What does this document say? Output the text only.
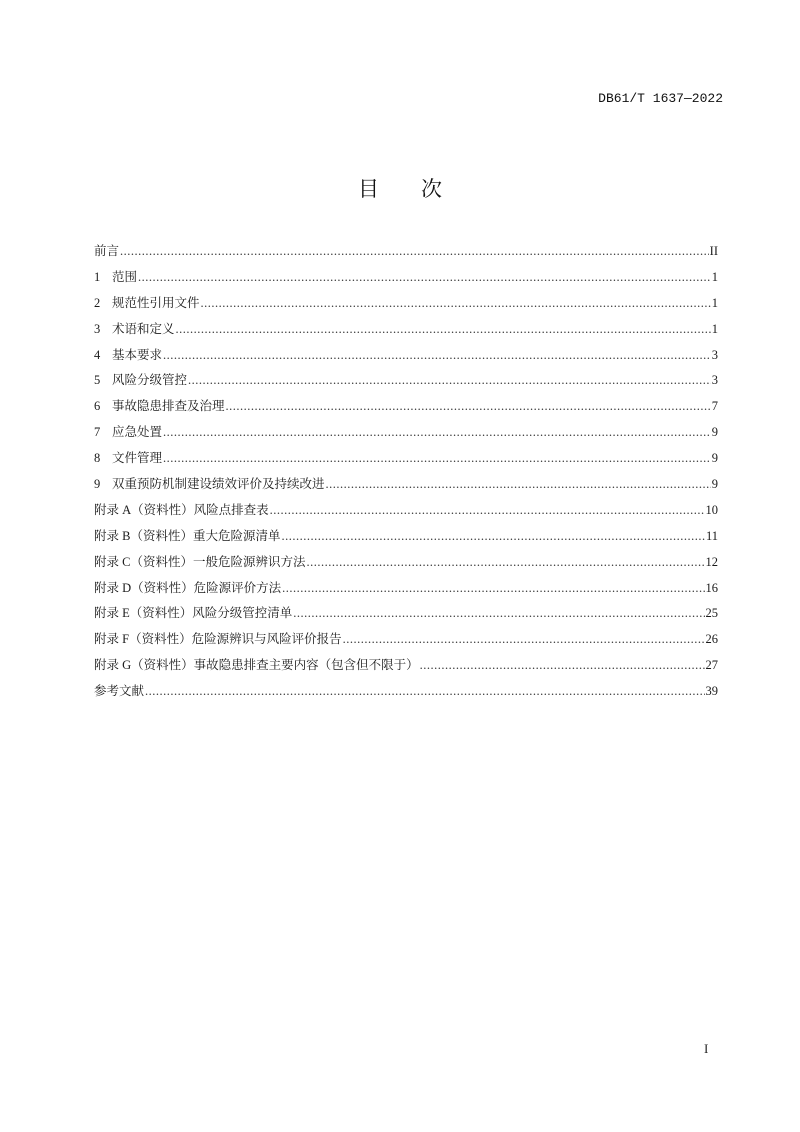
DB61/T 1637—2022
目 次
前言 .....	II
1 范围 .....	1
2 规范性引用文件 .....	1
3 术语和定义 .....	1
4 基本要求 .....	3
5 风险分级管控 .....	3
6 事故隐患排查及治理 .....	7
7 应急处置 .....	9
8 文件管理 .....	9
9 双重预防机制建设绩效评价及持续改进 .....	9
附录 A（资料性）风险点排查表 .....	10
附录 B（资料性）重大危险源清单 .....	11
附录 C（资料性）一般危险源辨识方法 .....	12
附录 D（资料性）危险源评价方法 .....	16
附录 E（资料性）风险分级管控清单 .....	25
附录 F（资料性）危险源辨识与风险评价报告 .....	26
附录 G（资料性）事故隐患排查主要内容（包含但不限于） .....	27
参考文献 .....	39
I
